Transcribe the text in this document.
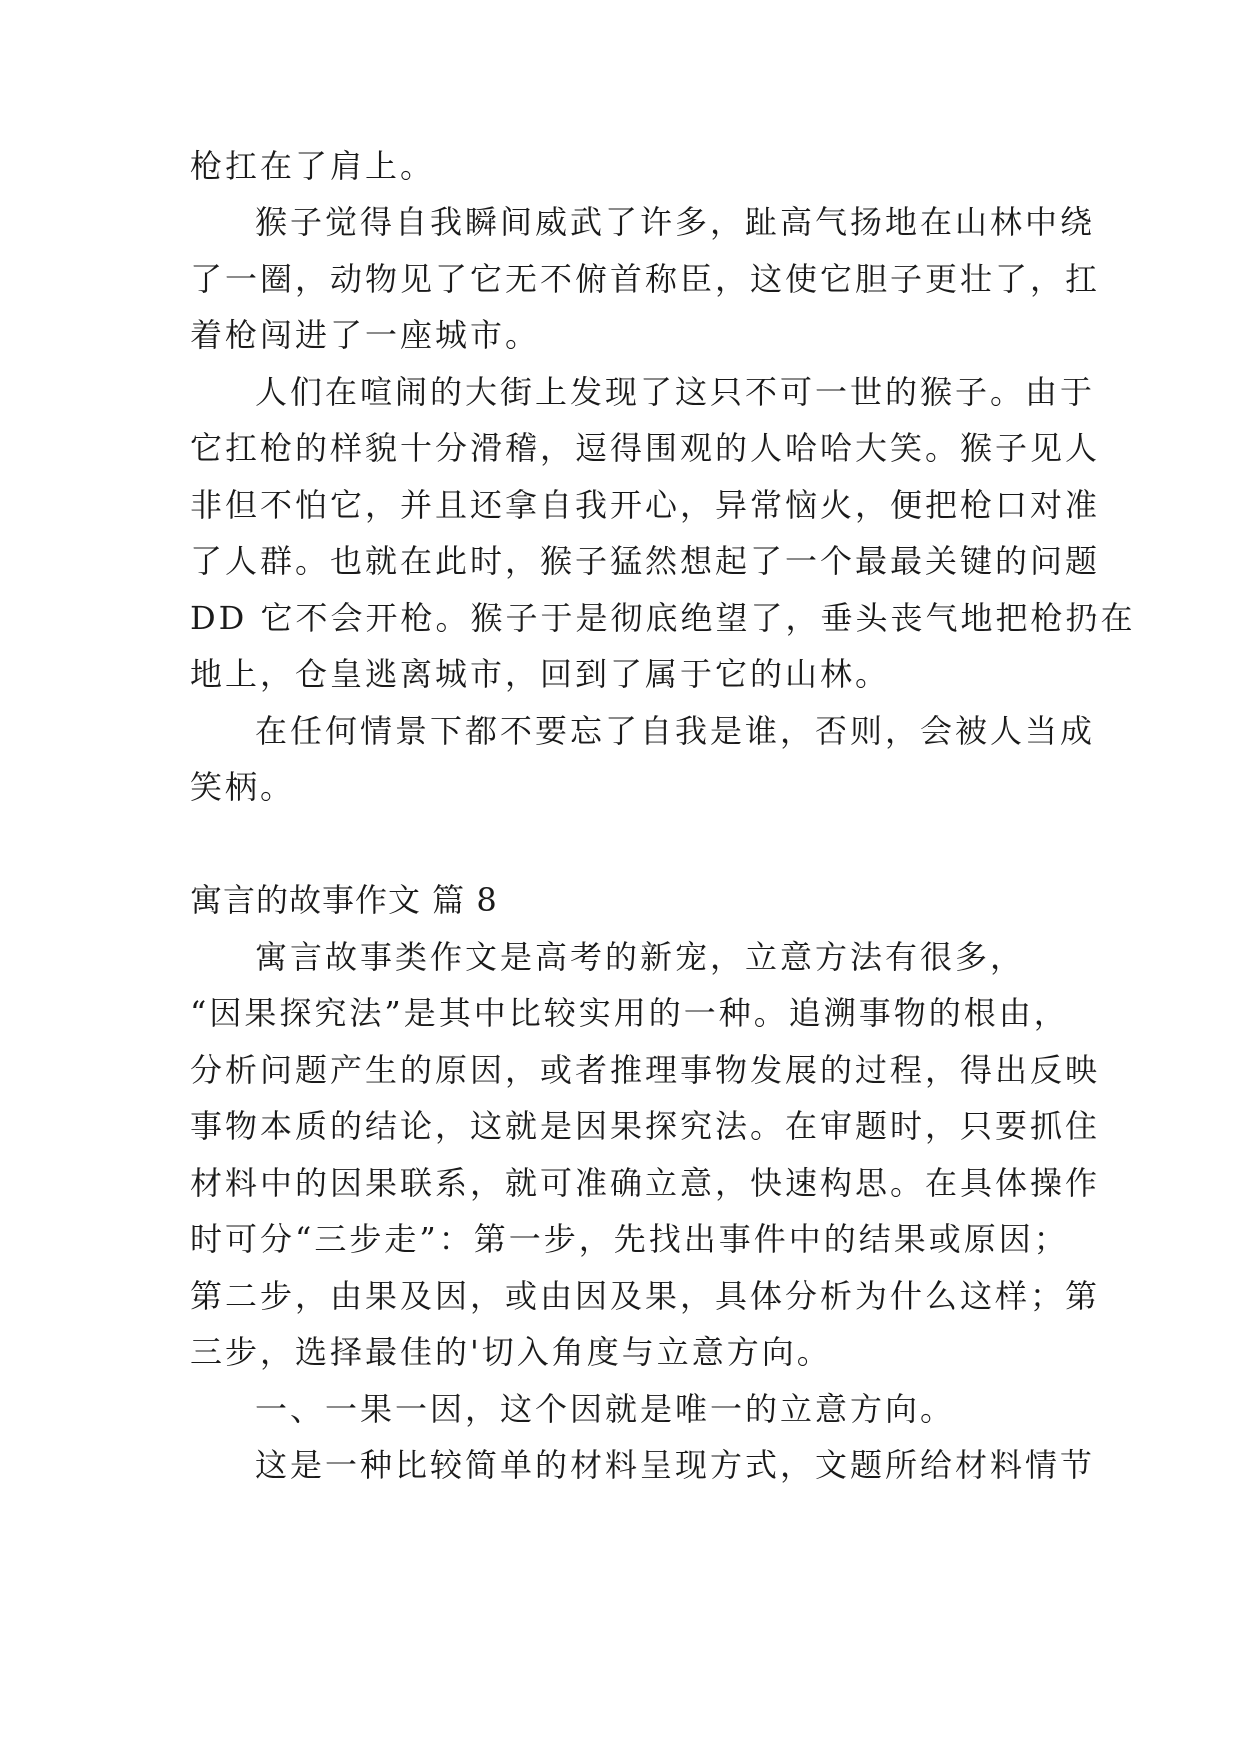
枪扛在了肩上。
猴子觉得自我瞬间威武了许多，趾高气扬地在山林中绕
了一圈，动物见了它无不俯首称臣，这使它胆子更壮了，扛
着枪闯进了一座城市。
人们在喧闹的大街上发现了这只不可一世的猴子。由于
它扛枪的样貌十分滑稽，逗得围观的人哈哈大笑。猴子见人
非但不怕它，并且还拿自我开心，异常恼火，便把枪口对准
了人群。也就在此时，猴子猛然想起了一个最最关键的问题
DD 它不会开枪。猴子于是彻底绝望了，垂头丧气地把枪扔在
地上，仓皇逃离城市，回到了属于它的山林。
在任何情景下都不要忘了自我是谁，否则，会被人当成
笑柄。
寓言的故事作文 篇 8
寓言故事类作文是高考的新宠，立意方法有很多，
“因果探究法”是其中比较实用的一种。追溯事物的根由，
分析问题产生的原因，或者推理事物发展的过程，得出反映
事物本质的结论，这就是因果探究法。在审题时，只要抓住
材料中的因果联系，就可准确立意，快速构思。在具体操作
时可分“三步走”：第一步，先找出事件中的结果或原因；
第二步，由果及因，或由因及果，具体分析为什么这样；第
三步，选择最佳的'切入角度与立意方向。
一、一果一因，这个因就是唯一的立意方向。
这是一种比较简单的材料呈现方式，文题所给材料情节
